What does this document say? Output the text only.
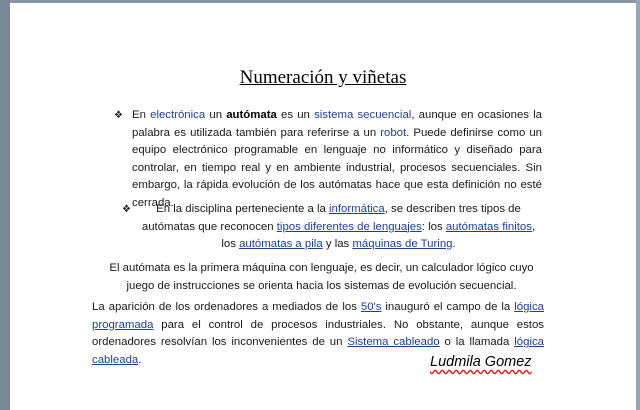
Numeración y viñetas
❖ En electrónica un autómata es un sistema secuencial, aunque en ocasiones la palabra es utilizada también para referirse a un robot. Puede definirse como un equipo electrónico programable en lenguaje no informático y diseñado para controlar, en tiempo real y en ambiente industrial, procesos secuenciales. Sin embargo, la rápida evolución de los autómatas hace que esta definición no esté cerrada.
❖	En la disciplina perteneciente a la informática, se describen tres tipos de autómatas que reconocen tipos diferentes de lenguajes: los autómatas finitos, los autómatas a pila y las máquinas de Turing.
El autómata es la primera máquina con lenguaje, es decir, un calculador lógico cuyo juego de instrucciones se orienta hacia los sistemas de evolución secuencial.
La aparición de los ordenadores a mediados de los 50's inauguró el campo de la lógica programada para el control de procesos industriales. No obstante, aunque estos ordenadores resolvían los inconvenientes de un Sistema cableado o la llamada lógica cableada.	Ludmila Gomez
